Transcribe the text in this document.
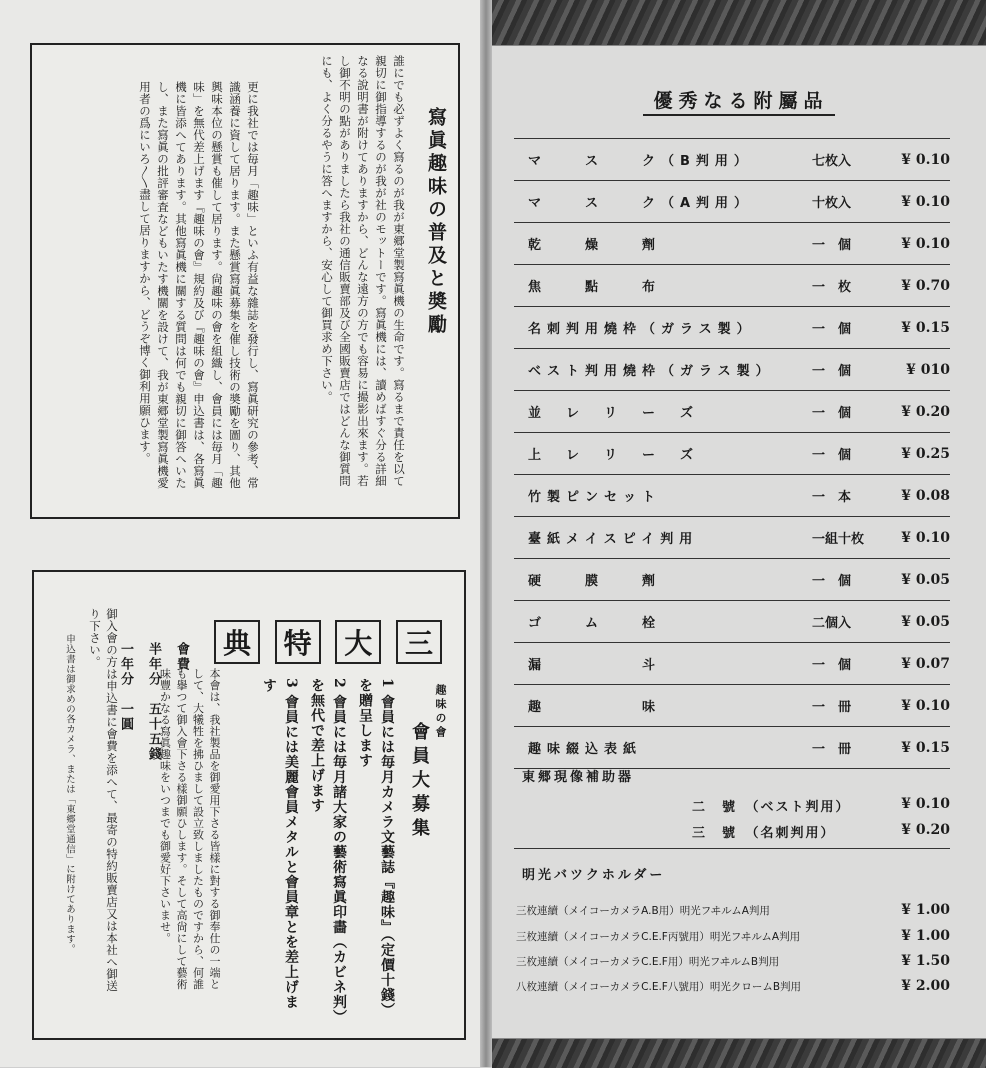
寫眞趣味の普及と奬勵
誰にでも必ずよく寫るのが我が東郷堂製寫眞機の生命です。寫るまで責任を以て親切に御指導するのが我が社のモットーです。寫眞機には、讀めばすぐ分る詳細なる說明書が附けてありますから、どんな遠方の方でも容易に撮影出來ます。若し御不明の點がありましたら我社の通信販賣部及び全國販賣店ではどんな御質問にも、よく分るやうに答へますから、安心して御買求め下さい。
更に我社では毎月「趣味」といふ有益な雜誌を發行し、寫眞研究の參考、常識涵養に資して居ります。また懸賞寫眞募集を催し技術の奬勵を圖り、其他興味本位の懸賞も催して居ります。尙趣味の會を組織し、會員には毎月「趣味」を無代差上げます『趣味の會』規約及び『趣味の會』申込書は、各寫眞機に皆添へてあります。其他寫眞機に關する質問は何でも親切に御答へいたし、また寫眞の批評審査などもいたす機關を設けて、我が東郷堂製寫眞機愛用者の爲にいろ〳〵盡して居りますから、どうぞ博く御利用願ひます。
三
大
特
典
趣味の會
會員大募集
1 會員には毎月カメラ文藝誌『趣味』（定價十錢）を贈呈します
2 會員には毎月諸大家の藝術寫眞印畵（カビネ判）を無代で差上げます
3 會員には美麗會員メタルと會員章とを差上げます
本會は、我社製品を御愛用下さる皆樣に對する御奉仕の一端として、大犧牲を拂ひまして設立致しましたものですから、何誰も擧つて御入會下さる樣御願ひします。そして高尙にして藝術味豐かなる寫眞趣味をいつまでも御愛好下さいませ。
會費
半年分　五十五錢
一年分　一圓
御入會の方は申込書に會費を添へて、最寄の特約販賣店又は本社へ御送り下さい。
申込書は御求めの各カメラ、または「東郷堂通信」に附けてあります。
優秀なる附屬品
マ　　ス　　ク（B判用）	七枚入	¥ 0.10
マ　　ス　　ク（A判用）	十枚入	¥ 0.10
乾　　燥　　劑	一　個	¥ 0.10
焦　　點　　布	一　枚	¥ 0.70
名刺判用燒枠（ガラス製）	一　個	¥ 0.15
ベスト判用燒枠（ガラス製）	一　個	¥ 010
並　レ　リ　ー　ズ	一　個	¥ 0.20
上　レ　リ　ー　ズ	一　個	¥ 0.25
竹製ピンセット	一　本	¥ 0.08
臺紙メイスピイ判用	一組十枚	¥ 0.10
硬　　膜　　劑	一　個	¥ 0.05
ゴ　　ム　　栓	二個入	¥ 0.05
漏　　　　　斗	一　個	¥ 0.07
趣　　　　　味	一　冊	¥ 0.10
趣味綴込表紙	一　冊	¥ 0.15
東郷現像補助器
二　號　（ベスト判用）	¥ 0.10
三　號　（名刺判用）	¥ 0.20
明光バツクホルダー
三枚連續（メイコーカメラA.B用）明光フヰルムA判用	¥ 1.00
三枚連續（メイコーカメラC.E.F丙號用）明光フヰルムA判用	¥ 1.00
三枚連續（メイコーカメラC.E.F用）明光フヰルムB判用	¥ 1.50
八枚連續（メイコーカメラC.E.F八號用）明光クロームB判用	¥ 2.00
